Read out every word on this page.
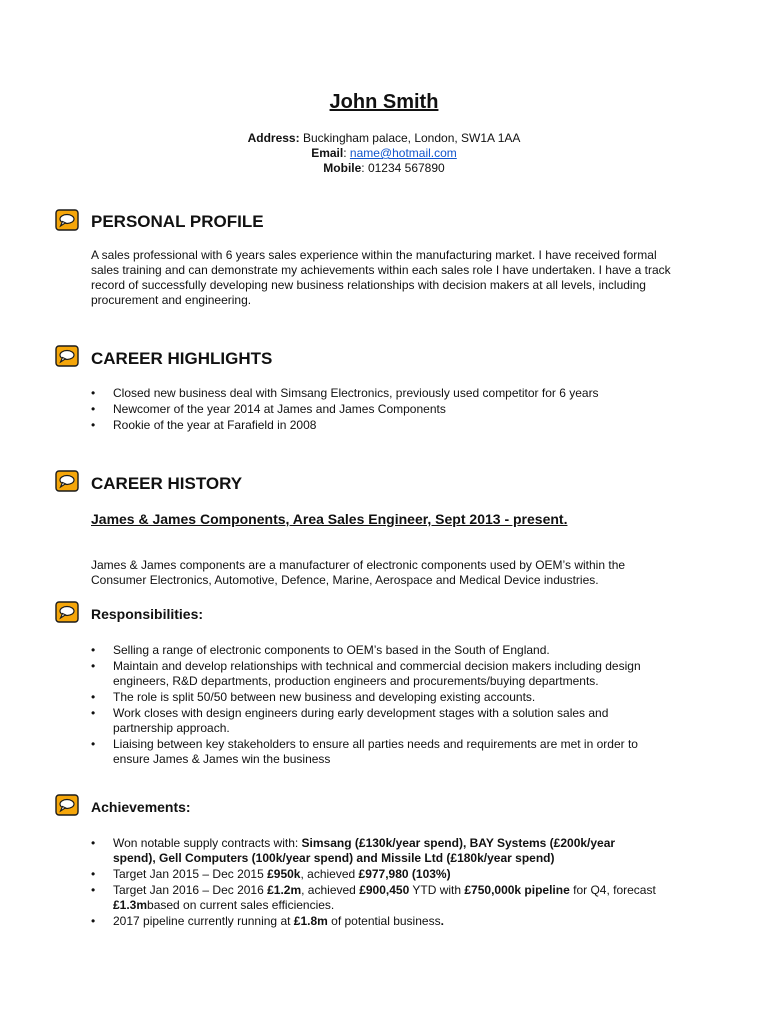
John Smith
Address: Buckingham palace, London, SW1A 1AA
Email: name@hotmail.com
Mobile: 01234 567890
PERSONAL PROFILE
A sales professional with 6 years sales experience within the manufacturing market. I have received formal sales training and can demonstrate my achievements within each sales role I have undertaken. I have a track record of successfully developing new business relationships with decision makers at all levels, including procurement and engineering.
CAREER HIGHLIGHTS
• Closed new business deal with Simsang Electronics, previously used competitor for 6 years
• Newcomer of the year 2014 at James and James Components
• Rookie of the year at Farafield in 2008
CAREER HISTORY
James & James Components, Area Sales Engineer, Sept 2013 - present.
James & James components are a manufacturer of electronic components used by OEM’s within the Consumer Electronics, Automotive, Defence, Marine, Aerospace and Medical Device industries.
Responsibilities:
• Selling a range of electronic components to OEM’s based in the South of England.
• Maintain and develop relationships with technical and commercial decision makers including design engineers, R&D departments, production engineers and procurements/buying departments.
• The role is split 50/50 between new business and developing existing accounts.
• Work closes with design engineers during early development stages with a solution sales and partnership approach.
• Liaising between key stakeholders to ensure all parties needs and requirements are met in order to ensure James & James win the business
Achievements:
• Won notable supply contracts with: Simsang (£130k/year spend), BAY Systems (£200k/year spend), Gell Computers (100k/year spend) and Missile Ltd (£180k/year spend)
• Target Jan 2015 – Dec 2015 £950k, achieved £977,980 (103%)
• Target Jan 2016 – Dec 2016 £1.2m, achieved £900,450 YTD with £750,000k pipeline for Q4, forecast £1.3mbased on current sales efficiencies.
• 2017 pipeline currently running at £1.8m of potential business.
